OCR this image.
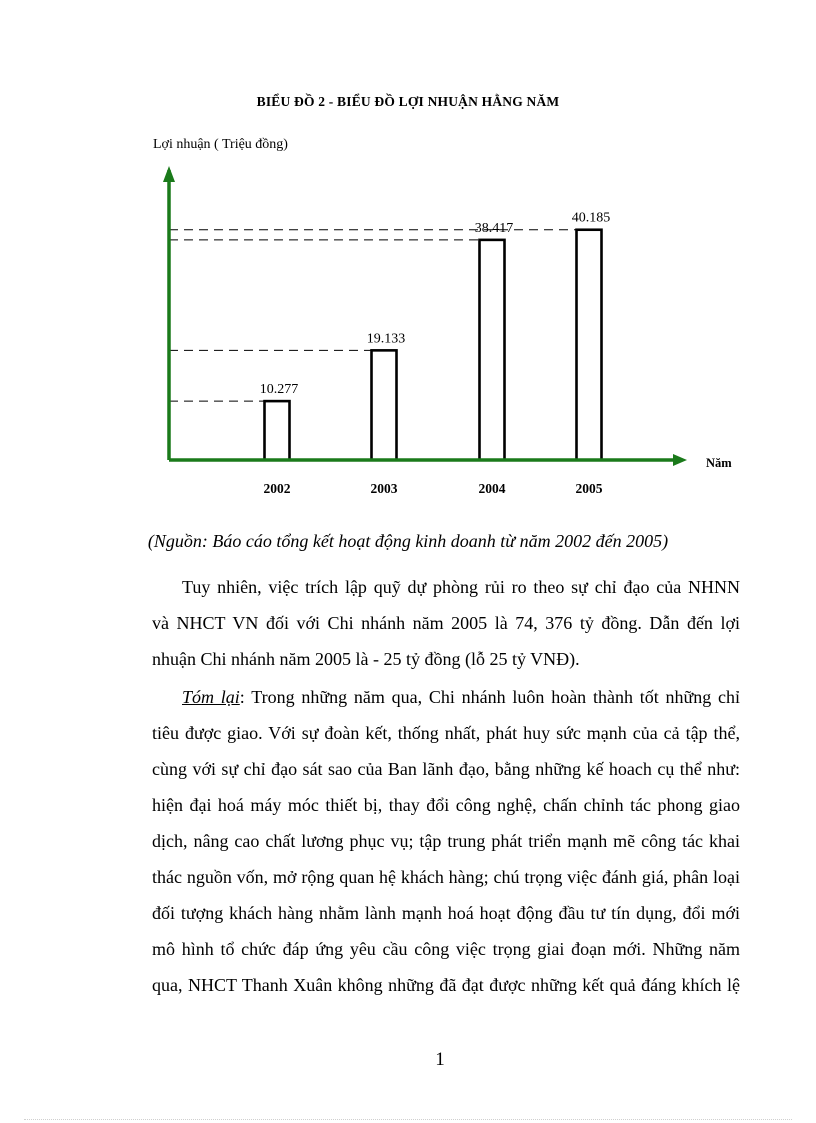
BIỂU ĐỒ 2 - BIỂU ĐỒ LỢI NHUẬN HẰNG NĂM
Lợi nhuận ( Triệu đồng)
Năm
10.277
19.133
38.417
40.185
2002	2003	2004	2005
(Nguồn: Báo cáo tổng kết hoạt động kinh doanh từ năm 2002 đến 2005)
Tuy nhiên, việc trích lập quỹ dự phòng rủi ro theo sự chỉ đạo của NHNN
và NHCT VN đối với Chi nhánh năm 2005 là 74, 376 tỷ đồng. Dẫn đến lợi
nhuận Chi nhánh năm 2005 là - 25 tỷ đồng (lỗ 25 tỷ VNĐ).
Tóm lại: Trong những năm qua, Chi nhánh luôn hoàn thành tốt những chỉ
tiêu được giao. Với sự đoàn kết, thống nhất, phát huy sức mạnh của cả tập thể,
cùng với sự chỉ đạo sát sao của Ban lãnh đạo, bằng những kế hoach cụ thể như:
hiện đại hoá máy móc thiết bị, thay đổi công nghệ, chấn chỉnh tác phong giao
dịch, nâng cao chất lương phục vụ; tập trung phát triển mạnh mẽ công tác khai
thác nguồn vốn, mở rộng quan hệ khách hàng; chú trọng việc đánh giá, phân loại
đối tượng khách hàng nhằm lành mạnh hoá hoạt động đầu tư tín dụng, đổi mới
mô hình tổ chức đáp ứng yêu cầu công việc trọng giai đoạn mới. Những năm
qua, NHCT Thanh Xuân không những đã đạt được những kết quả đáng khích lệ
1
